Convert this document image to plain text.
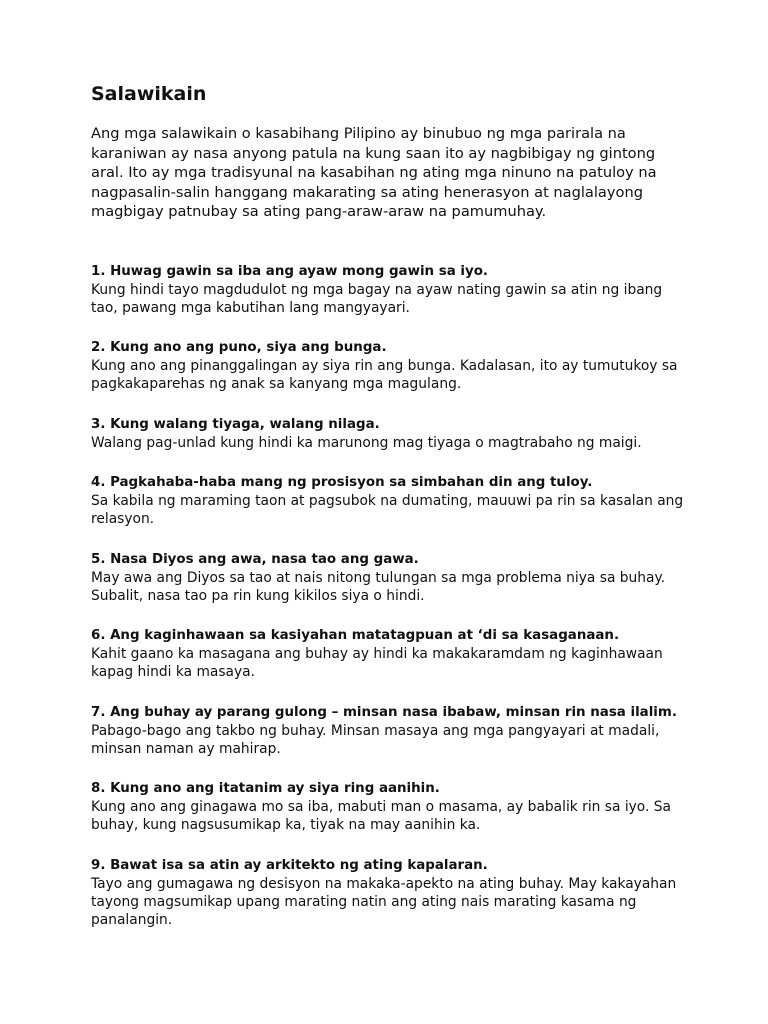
Salawikain

Ang mga salawikain o kasabihang Pilipino ay binubuo ng mga parirala na karaniwan ay nasa anyong patula na kung saan ito ay nagbibigay ng gintong aral. Ito ay mga tradisyunal na kasabihan ng ating mga ninuno na patuloy na nagpasalin-salin hanggang makarating sa ating henerasyon at naglalayong magbigay patnubay sa ating pang-araw-araw na pamumuhay.

1. Huwag gawin sa iba ang ayaw mong gawin sa iyo.
Kung hindi tayo magdudulot ng mga bagay na ayaw nating gawin sa atin ng ibang tao, pawang mga kabutihan lang mangyayari.
2. Kung ano ang puno, siya ang bunga.
Kung ano ang pinanggalingan ay siya rin ang bunga. Kadalasan, ito ay tumutukoy sa pagkakaparehas ng anak sa kanyang mga magulang.
3. Kung walang tiyaga, walang nilaga.
Walang pag-unlad kung hindi ka marunong mag tiyaga o magtrabaho ng maigi.
4. Pagkahaba-haba mang ng prosisyon sa simbahan din ang tuloy.
Sa kabila ng maraming taon at pagsubok na dumating, mauuwi pa rin sa kasalan ang relasyon.
5. Nasa Diyos ang awa, nasa tao ang gawa.
May awa ang Diyos sa tao at nais nitong tulungan sa mga problema niya sa buhay. Subalit, nasa tao pa rin kung kikilos siya o hindi.
6. Ang kaginhawaan sa kasiyahan matatagpuan at ‘di sa kasaganaan.
Kahit gaano ka masagana ang buhay ay hindi ka makakaramdam ng kaginhawaan kapag hindi ka masaya.
7. Ang buhay ay parang gulong – minsan nasa ibabaw, minsan rin nasa ilalim.
Pabago-bago ang takbo ng buhay. Minsan masaya ang mga pangyayari at madali, minsan naman ay mahirap.
8. Kung ano ang itatanim ay siya ring aanihin.
Kung ano ang ginagawa mo sa iba, mabuti man o masama, ay babalik rin sa iyo. Sa buhay, kung nagsusumikap ka, tiyak na may aanihin ka.
9. Bawat isa sa atin ay arkitekto ng ating kapalaran.
Tayo ang gumagawa ng desisyon na makaka-apekto na ating buhay. May kakayahan tayong magsumikap upang marating natin ang ating nais marating kasama ng panalangin.
